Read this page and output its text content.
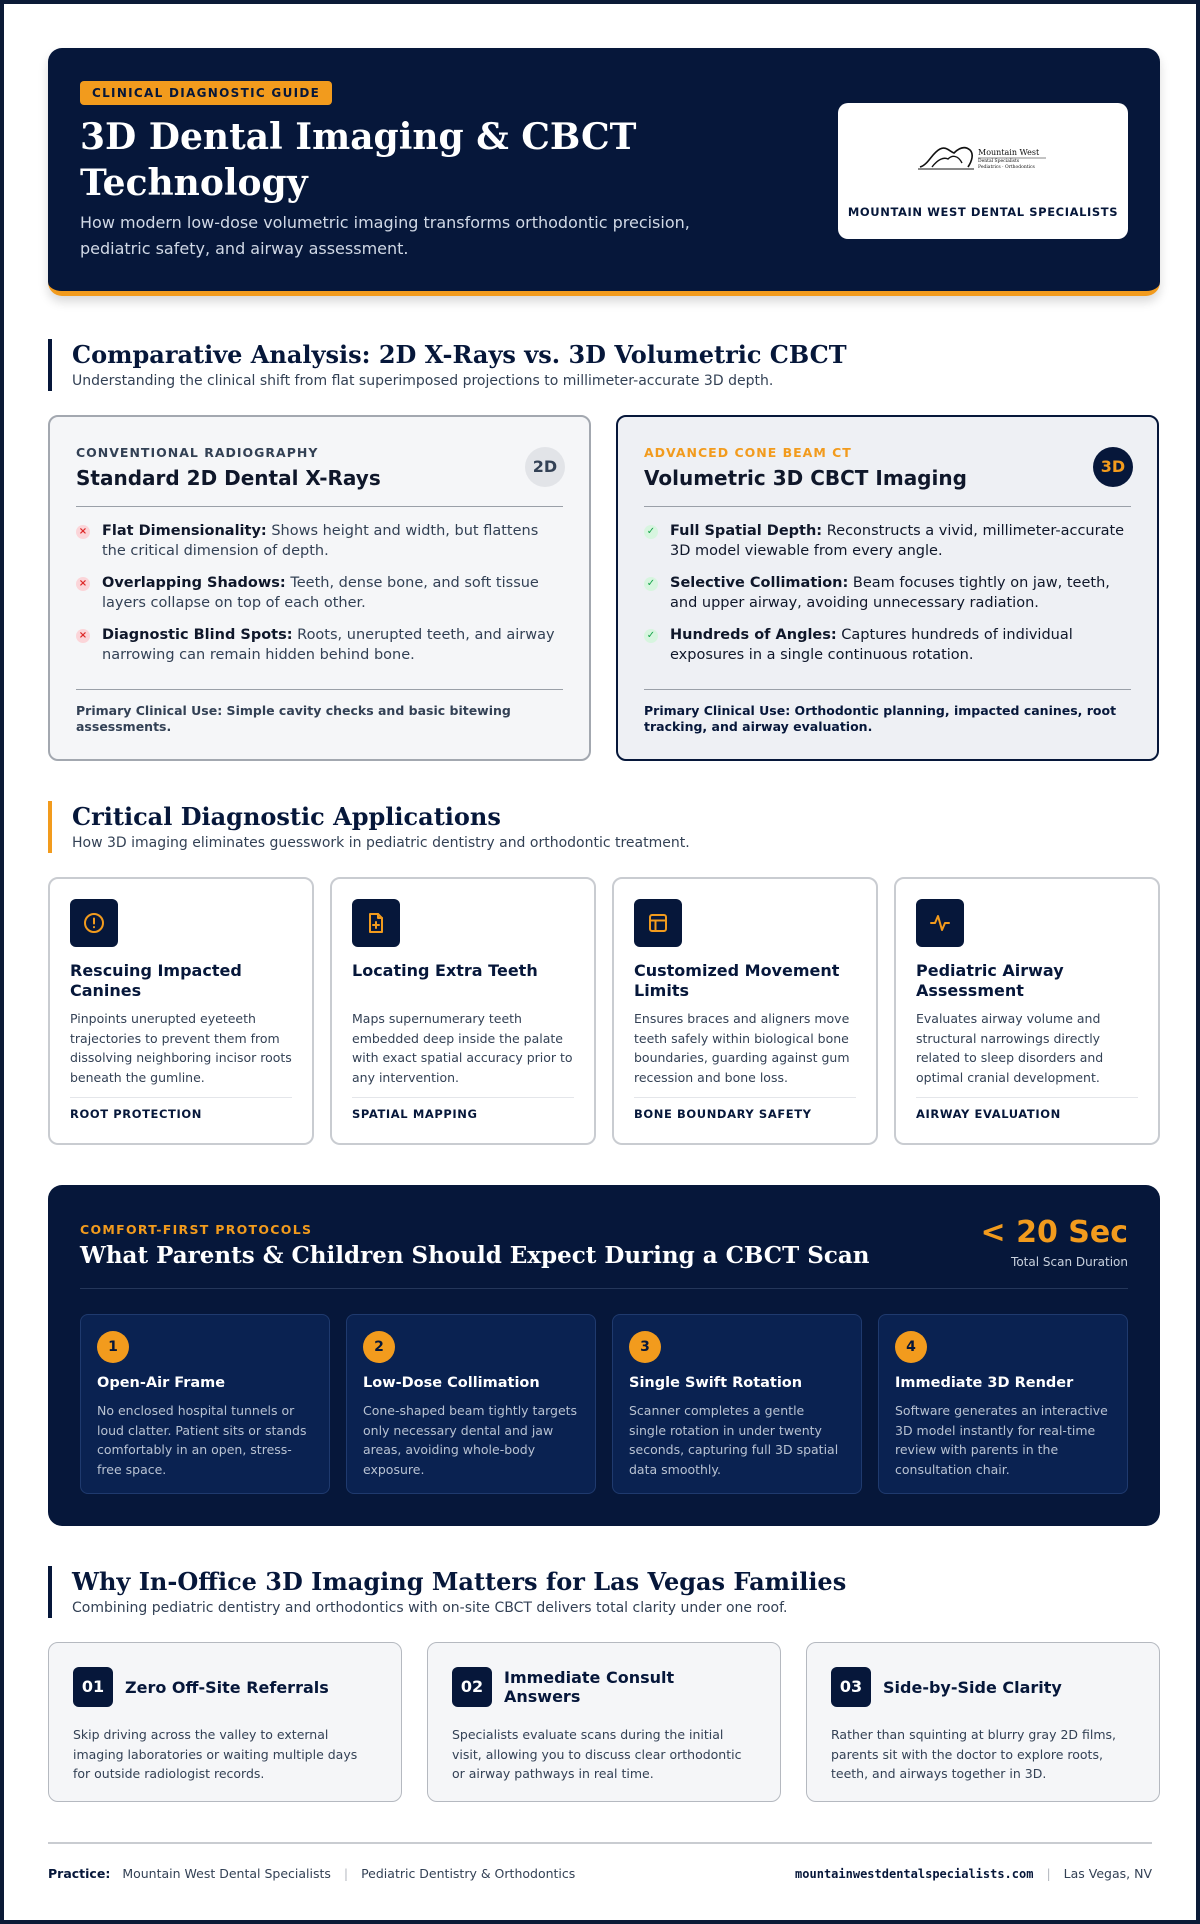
CLINICAL DIAGNOSTIC GUIDE
3D Dental Imaging & CBCT Technology

How modern low-dose volumetric imaging transforms orthodontic precision, pediatric safety, and airway assessment.

Mountain West
Dental Specialists
Pediatrics · Orthodontics
MOUNTAIN WEST DENTAL SPECIALISTS
Comparative Analysis: 2D X-Rays vs. 3D Volumetric CBCT

Understanding the clinical shift from flat superimposed projections to millimeter-accurate 3D depth.

CONVENTIONAL RADIOGRAPHY
Standard 2D Dental X-Rays	2D
× Flat Dimensionality: Shows height and width, but flattens the critical dimension of depth.
× Overlapping Shadows: Teeth, dense bone, and soft tissue layers collapse on top of each other.
× Diagnostic Blind Spots: Roots, unerupted teeth, and airway narrowing can remain hidden behind bone.
Primary Clinical Use: Simple cavity checks and basic bitewing assessments.
ADVANCED CONE BEAM CT
Volumetric 3D CBCT Imaging	3D
✓ Full Spatial Depth: Reconstructs a vivid, millimeter-accurate 3D model viewable from every angle.
✓ Selective Collimation: Beam focuses tightly on jaw, teeth, and upper airway, avoiding unnecessary radiation.
✓ Hundreds of Angles: Captures hundreds of individual exposures in a single continuous rotation.
Primary Clinical Use: Orthodontic planning, impacted canines, root tracking, and airway evaluation.
Critical Diagnostic Applications

How 3D imaging eliminates guesswork in pediatric dentistry and orthodontic treatment.

Rescuing Impacted Canines
Pinpoints unerupted eyeteeth trajectories to prevent them from dissolving neighboring incisor roots beneath the gumline.
ROOT PROTECTION
Locating Extra Teeth
Maps supernumerary teeth embedded deep inside the palate with exact spatial accuracy prior to any intervention.
SPATIAL MAPPING
Customized Movement Limits
Ensures braces and aligners move teeth safely within biological bone boundaries, guarding against gum recession and bone loss.
BONE BOUNDARY SAFETY
Pediatric Airway Assessment
Evaluates airway volume and structural narrowings directly related to sleep disorders and optimal cranial development.
AIRWAY EVALUATION
COMFORT-FIRST PROTOCOLS
What Parents & Children Should Expect During a CBCT Scan
< 20 Sec
Total Scan Duration
1
Open-Air Frame
No enclosed hospital tunnels or loud clatter. Patient sits or stands comfortably in an open, stress-free space.
2
Low-Dose Collimation
Cone-shaped beam tightly targets only necessary dental and jaw areas, avoiding whole-body exposure.
3
Single Swift Rotation
Scanner completes a gentle single rotation in under twenty seconds, capturing full 3D spatial data smoothly.
4
Immediate 3D Render
Software generates an interactive 3D model instantly for real-time review with parents in the consultation chair.
Why In-Office 3D Imaging Matters for Las Vegas Families

Combining pediatric dentistry and orthodontics with on-site CBCT delivers total clarity under one roof.

01	Zero Off-Site Referrals
Skip driving across the valley to external imaging laboratories or waiting multiple days for outside radiologist records.
02	Immediate Consult Answers
Specialists evaluate scans during the initial visit, allowing you to discuss clear orthodontic or airway pathways in real time.
03	Side-by-Side Clarity
Rather than squinting at blurry gray 2D films, parents sit with the doctor to explore roots, teeth, and airways together in 3D.
Practice: Mountain West Dental Specialists | Pediatric Dentistry & Orthodontics	mountainwestdentalspecialists.com | Las Vegas, NV
